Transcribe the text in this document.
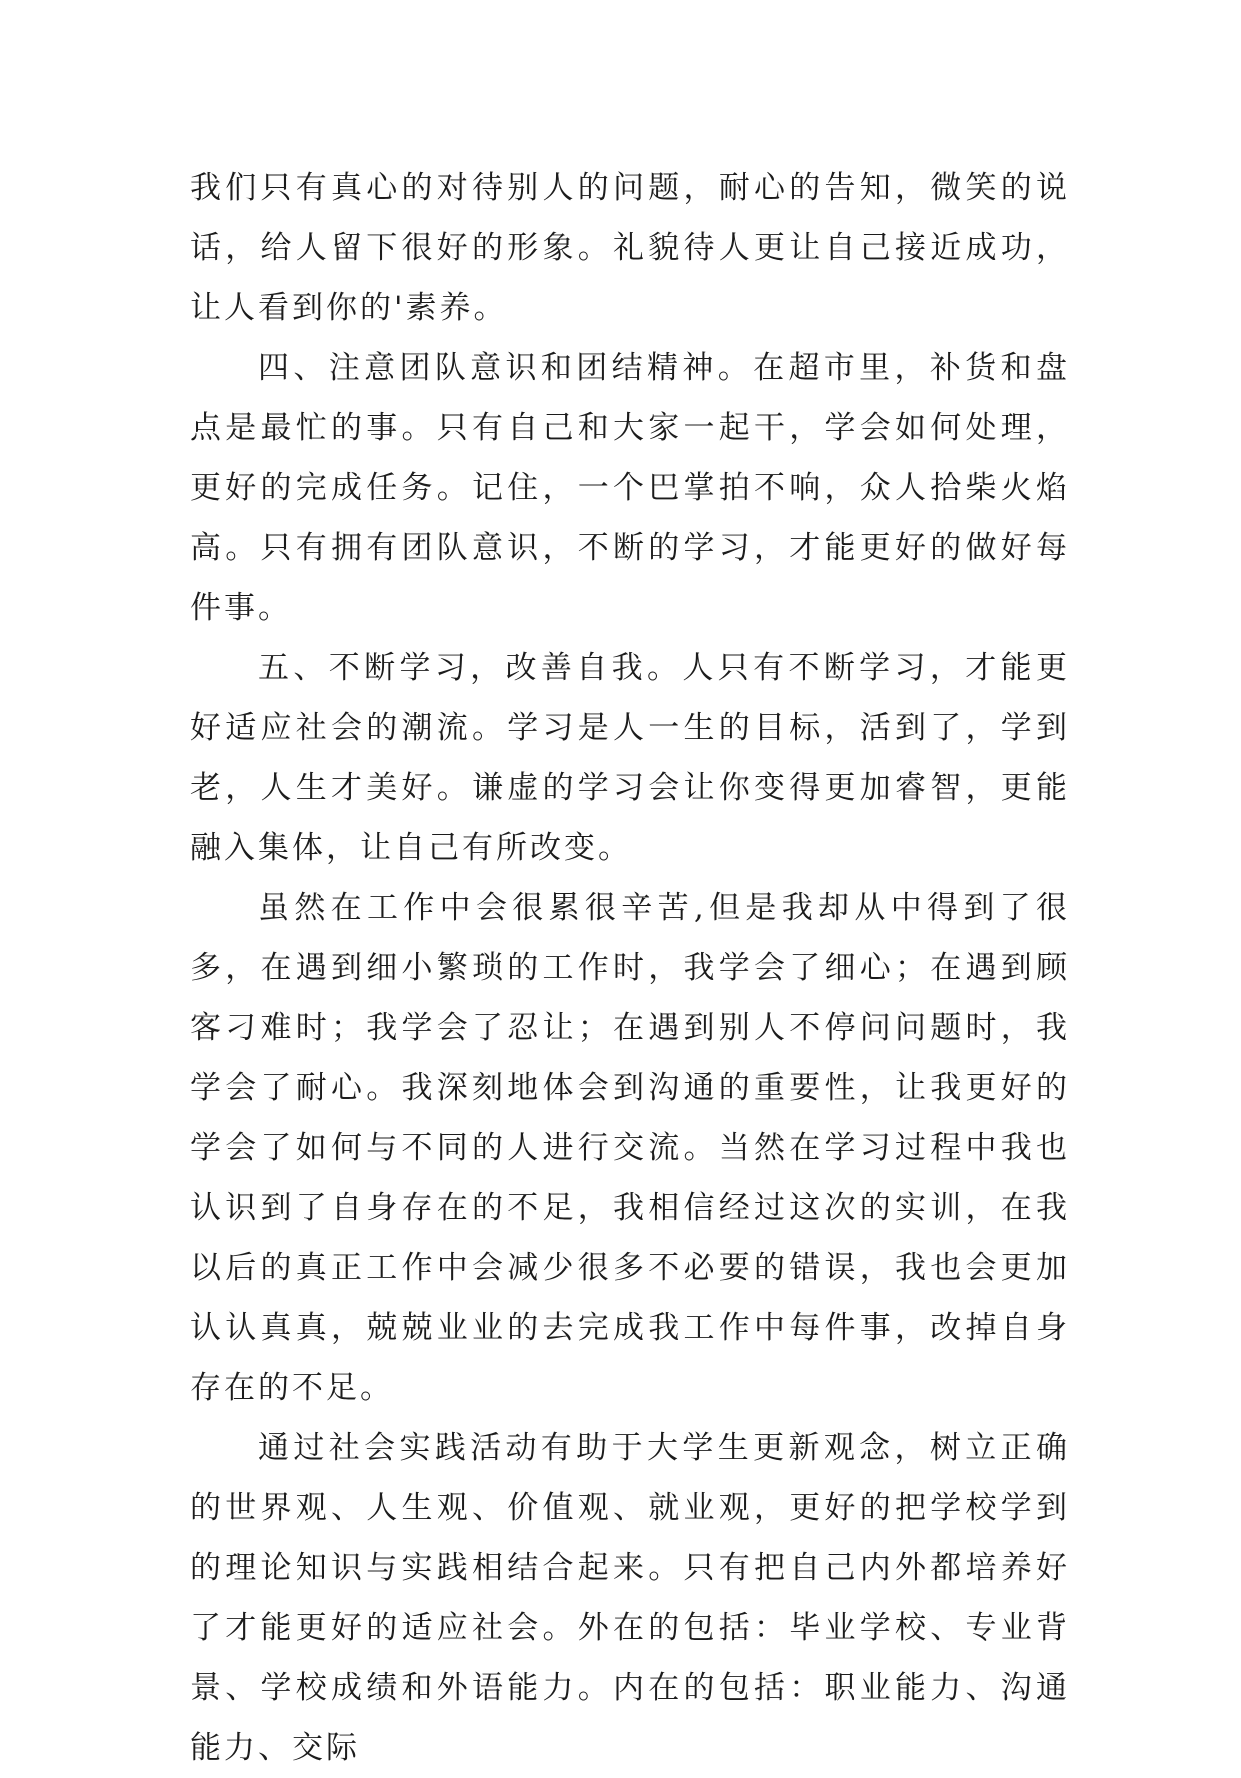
我们只有真心的对待别人的问题，耐心的告知，微笑的说话，给人留下很好的形象。礼貌待人更让自己接近成功，让人看到你的'素养。

四、注意团队意识和团结精神。在超市里，补货和盘点是最忙的事。只有自己和大家一起干，学会如何处理，更好的完成任务。记住，一个巴掌拍不响，众人拾柴火焰高。只有拥有团队意识，不断的学习，才能更好的做好每件事。

五、不断学习，改善自我。人只有不断学习，才能更好适应社会的潮流。学习是人一生的目标，活到了，学到老，人生才美好。谦虚的学习会让你变得更加睿智，更能融入集体，让自己有所改变。

虽然在工作中会很累很辛苦,但是我却从中得到了很多，在遇到细小繁琐的工作时，我学会了细心；在遇到顾客刁难时；我学会了忍让；在遇到别人不停问问题时，我学会了耐心。我深刻地体会到沟通的重要性，让我更好的学会了如何与不同的人进行交流。当然在学习过程中我也认识到了自身存在的不足，我相信经过这次的实训，在我以后的真正工作中会减少很多不必要的错误，我也会更加认认真真，兢兢业业的去完成我工作中每件事，改掉自身存在的不足。

通过社会实践活动有助于大学生更新观念，树立正确的世界观、人生观、价值观、就业观，更好的把学校学到的理论知识与实践相结合起来。只有把自己内外都培养好了才能更好的适应社会。外在的包括：毕业学校、专业背景、学校成绩和外语能力。内在的包括：职业能力、沟通能力、交际
